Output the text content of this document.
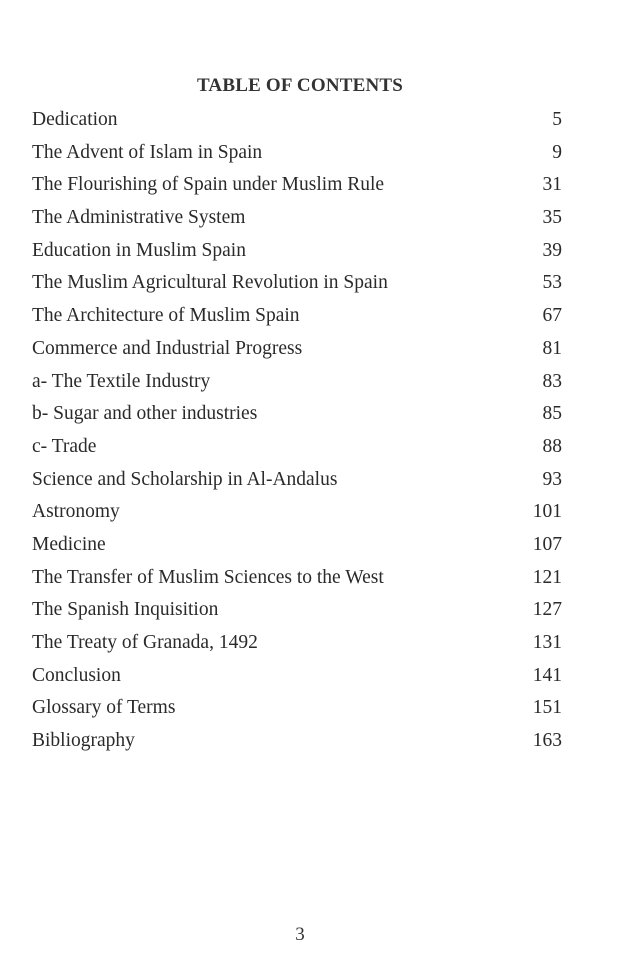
TABLE OF CONTENTS
Dedication	5
The Advent of Islam in Spain	9
The Flourishing of Spain under Muslim Rule	31
The Administrative System	35
Education in Muslim Spain	39
The Muslim Agricultural Revolution in Spain	53
The Architecture of Muslim Spain	67
Commerce and Industrial Progress	81
a- The Textile Industry	83
b- Sugar and other industries	85
c- Trade	88
Science and Scholarship in Al-Andalus	93
Astronomy	101
Medicine	107
The Transfer of Muslim Sciences to the West	121
The Spanish Inquisition	127
The Treaty of Granada, 1492	131
Conclusion	141
Glossary of Terms	151
Bibliography	163
3
